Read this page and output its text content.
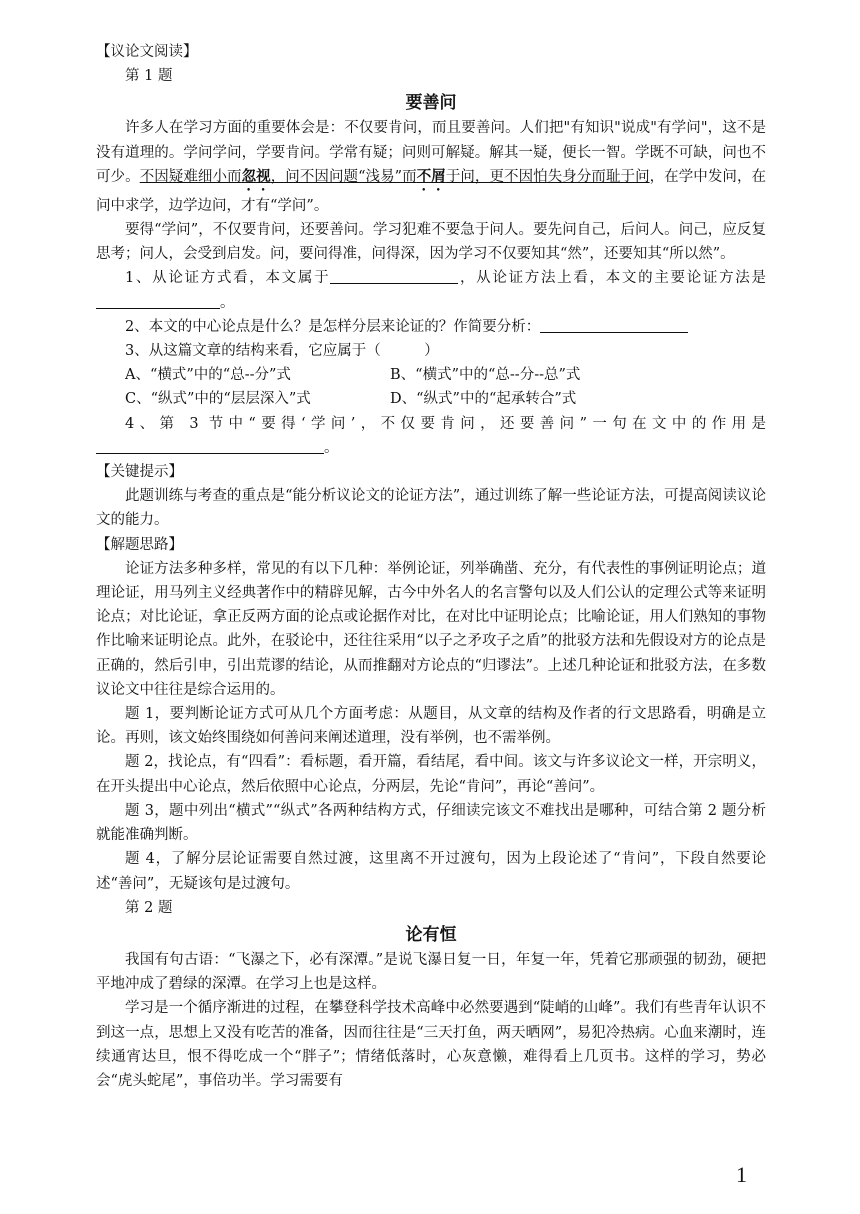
【议论文阅读】

第 1 题

要善问

许多人在学习方面的重要体会是：不仅要肯问，而且要善问。人们把"有知识"说成"有学问"，这不是没有道理的。学问学问，学要肯问。学常有疑；问则可解疑。解其一疑，便长一智。学既不可缺，问也不可少。不因疑难细小而忽视，问不因问题“浅易”而不屑于问，更不因怕失身分而耻于问，在学中发问，在问中求学，边学边问，才有“学问”。

要得“学问”，不仅要肯问，还要善问。学习犯难不要急于问人。要先问自己，后问人。问己，应反复思考；问人，会受到启发。问，要问得准，问得深，因为学习不仅要知其“然”，还要知其“所以然”。

1、从论证方式看，本文属于	，从论证方法上看，本文的主要论证方法是。

2、本文的中心论点是什么？是怎样分层来论证的？作简要分析：

3、从这篇文章的结构来看，它应属于（　　　）

A、“横式”中的“总--分”式	B、“横式”中的“总--分--总”式
C、“纵式”中的“层层深入”式	D、“纵式”中的“起承转合”式

4、第 3 节中“要得‘学问’，不仅要肯问，还要善问”一句在文中的作用是。

【关键提示】

此题训练与考查的重点是“能分析议论文的论证方法”，通过训练了解一些论证方法，可提高阅读议论文的能力。

【解题思路】

论证方法多种多样，常见的有以下几种：举例论证，列举确凿、充分，有代表性的事例证明论点；道理论证，用马列主义经典著作中的精辟见解，古今中外名人的名言警句以及人们公认的定理公式等来证明论点；对比论证，拿正反两方面的论点或论据作对比，在对比中证明论点；比喻论证，用人们熟知的事物作比喻来证明论点。此外，在驳论中，还往往采用“以子之矛攻子之盾”的批驳方法和先假设对方的论点是正确的，然后引申，引出荒谬的结论，从而推翻对方论点的“归谬法”。上述几种论证和批驳方法，在多数议论文中往往是综合运用的。

题 1，要判断论证方式可从几个方面考虑：从题目，从文章的结构及作者的行文思路看，明确是立论。再则，该文始终围绕如何善问来阐述道理，没有举例，也不需举例。

题 2，找论点，有“四看”：看标题，看开篇，看结尾，看中间。该文与许多议论文一样，开宗明义，在开头提出中心论点，然后依照中心论点，分两层，先论“肯问”，再论“善问”。

题 3，题中列出“横式”“纵式”各两种结构方式，仔细读完该文不难找出是哪种，可结合第 2 题分析就能准确判断。

题 4，了解分层论证需要自然过渡，这里离不开过渡句，因为上段论述了“肯问”，下段自然要论述“善问”，无疑该句是过渡句。

第 2 题

论有恒

我国有句古语：“飞瀑之下，必有深潭。”是说飞瀑日复一日，年复一年，凭着它那顽强的韧劲，硬把平地冲成了碧绿的深潭。在学习上也是这样。

学习是一个循序渐进的过程，在攀登科学技术高峰中必然要遇到“陡峭的山峰”。我们有些青年认识不到这一点，思想上又没有吃苦的准备，因而往往是“三天打鱼，两天晒网”，易犯冷热病。心血来潮时，连续通宵达旦，恨不得吃成一个“胖子”；情绪低落时，心灰意懒，难得看上几页书。这样的学习，势必会“虎头蛇尾”，事倍功半。学习需要有

1
